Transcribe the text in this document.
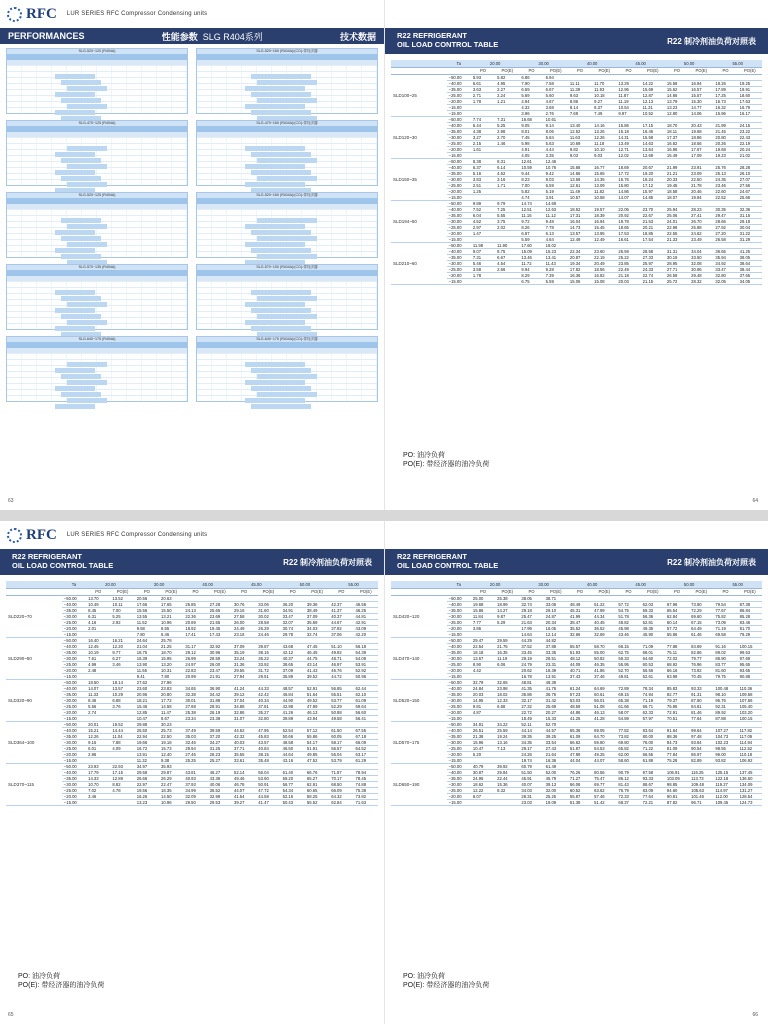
RFC LUR SERIES RFC Compressor Condensing units
PERFORMANCES	性能参数 SLG R404系列	技术数据
SLG-520~120 (R404A)	SLG-520~160 (R404A)/(CO)-带经济器
SLG-470~125 (R404A)	SLG-470~160 (R404A)/(CO)-带经济器
SLG-520~125 (R404A)	SLG-520~160 (R404A)/(CO)-带经济器
SLG-570~135 (R404A)	SLG-570~150 (R404A)/(CO)-带经济器
SLG-640~175 (R404A)	SLG-640~175 (R404A)/(CO)-带经济器
63
R22 REFRIGERANT
OIL LOAD CONTROL TABLE	R22 制冷剂油负荷对照表
	Ta	20.00		30.00		40.00		45.00		50.00		55.00	
		PO	PO(E)	PO	PO(E)	PO	PO(E)	PO	PO(E)	PO	PO(E)	PO	PO(E)
SLD100~25	−50.00	5.93	5.82	6.86	6.94								
	−40.00	6.61	4.95	7.90	7.58	11.11	11.70	13.29	14.22	15.58	16.94	18.26	19.25
	−35.00	3.63	2.27	6.59	6.67	11.39	11.93	12.95	15.69	15.62	16.57	17.89	19.91
	−25.00	2.71	2.24	5.69	5.60	9.63	10.18	11.87	12.87	14.66	15.57	17.25	18.60
	−20.00	1.78	1.21	4.94	4.67	8.86	9.27	11.19	12.13	13.79	15.30	16.73	17.63
	−15.00			4.32	3.68	8.14	8.37	10.54	11.31	13.23	14.77	16.32	16.79
	−15.00			3.96	2.76	7.69	7.49	9.97	10.52	12.80	14.06	15.96	16.17
SLD120~30	−50.00	7.74	7.31	16.68	10.61								
	−40.00	6.44	5.25	9.05	9.14	13.40	14.16	15.86	17.15	18.70	20.43	21.99	24.15
	−35.00	4.38	2.98	8.01	8.06	12.52	13.26	15.18	16.46	18.11	19.68	21.45	23.22
	−30.00	3.27	2.70	7.45	5.84	11.63	12.26	14.31	15.58	17.37	18.86	20.80	22.43
	−25.00	2.15	1.46	5.98	5.63	10.69	11.18	13.49	14.63	16.62	18.56	20.26	22.19
	−20.00	1.61		4.91	4.44	9.82	10.10	12.71	13.64	16.96	17.67	19.68	20.24
	−15.00			4.05	3.35	9.03	9.03	12.02	12.69	15.49	17.09	19.23	21.02
SLD150~35	−50.00	8.38	8.31	12.61	12.46								
	−40.00	6.37	6.14	10.59	10.76	15.68	16.77	18.69	20.67	21.99	23.91	25.76	28.28
	−35.00	5.16	4.62	9.44	9.42	14.66	15.65	17.72	19.20	21.21	23.09	25.13	26.10
	−30.00	3.83	3.16	8.23	8.03	13.59	14.35	16.76	18.24	20.33	22.50	24.35	27.07
	−25.00	2.51	1.71	7.00	6.59	12.61	13.09	15.80	17.12	19.45	21.78	23.46	27.56
	−20.00	1.25		5.82	5.19	11.49	11.82	14.86	15.97	18.58	20.46	22.60	24.67
	−15.00			4.74	3.91	10.57	10.58	14.07	14.85	18.07	19.94	22.52	25.66
SLD194~50	−50.00	9.89	9.79	14.74	14.69								
	−40.00	7.52	7.25	12.51	12.63	18.52	19.57	22.05	23.70	25.94	28.23	30.35	32.36
	−35.00	6.04	5.55	11.15	11.12	17.31	18.39	20.92	22.67	25.06	27.41	29.47	31.15
	−30.00	4.52	3.75	9.72	9.48	16.04	16.94	19.78	21.53	24.01	26.70	28.66	29.18
	−25.00	2.97	2.02	8.26	7.78	14.73	15.45	18.65	20.21	22.98	25.88	27.92	30.04
	−20.00	1.47		6.87	6.13	13.57	13.95	17.53	18.85	22.55	24.62	27.20	31.22
	−15.00			5.59	4.64	12.49	12.49	16.61	17.54	21.33	23.49	26.58	31.29
SLD210~60	−50.00	11.98	11.90	17.60	18.02								
	−40.00	9.07	8.75	15.09	15.23	22.34	23.60	26.59	28.58	31.31	34.04	36.65	41.25
	−35.00	7.31	6.67	13.46	13.41	20.87	22.19	25.22	27.33	30.19	33.50	35.94	38.05
	−30.00	5.46	4.54	11.72	11.43	19.34	20.49	23.85	25.97	28.95	32.08	34.92	38.64
	−25.00	3.58	2.66	9.94	9.28	17.82	18.56	22.49	24.33	27.71	30.96	33.47	38.44
	−20.00	1.78		8.29	7.39	16.36	16.82	21.18	22.74	26.59	29.48	32.80	37.65
	−15.00			6.75	5.59	15.06	15.08	20.03	21.15	25.72	28.32	32.05	34.05
PO: 油冷负荷
PO(E): 带经济器的油冷负荷
64
RFC LUR SERIES RFC Compressor Condensing units
R22 REFRIGERANT
OIL LOAD CONTROL TABLE	R22 制冷剂油负荷对照表
	Ta	20.00		30.00		40.00		45.00		50.00		55.00	
		PO	PO(E)	PO	PO(E)	PO	PO(E)	PO	PO(E)	PO	PO(E)	PO	PO(E)
SLD220~70	−50.00	13.70	13.52	20.56	20.63								
	−40.00	10.49	10.11	17.66	17.65	25.85	27.28	30.76	33.06	36.20	39.36	42.37	46.56
	−35.00	8.45	7.00	15.56	15.50	24.13	25.65	29.16	31.60	34.91	38.49	41.37	46.25
	−30.00	6.31	5.25	13.55	13.21	22.36	23.69	27.58	30.02	33.47	37.09	40.37	44.81
	−25.00	4.16	2.92	11.52	10.96	20.69	21.55	26.00	28.58	32.07	35.69	44.67	42.91
	−20.00	2.01		9.58	8.55	18.92	19.45	24.49	26.29	30.74	34.03	37.92	43.09
	−15.00			7.80	6.46	17.41	17.43	23.16	24.46	29.78	32.74	37.06	42.20
SLD290~80	−50.00	16.40	16.21	24.64	25.78								
	−40.00	12.45	12.20	21.04	21.25	31.17	32.92	37.09	39.87	43.68	47.45	51.10	56.18
	−35.00	10.19	9.77	18.75	18.70	29.12	30.96	35.19	38.15	42.12	46.45	49.92	54.39
	−30.00	7.61	6.27	16.39	15.95	26.99	28.59	33.24	36.22	40.37	44.75	48.71	54.08
	−25.00	4.99	3.46	13.90	13.20	24.97	26.00	31.36	33.92	38.65	43.14	46.97	53.91
	−20.00	2.48		11.55	10.31	22.83	23.47	29.55	31.72	37.09	41.43	46.76	52.92
	−15.00			9.41	7.80	20.99	21.91	27.94	29.51	35.89	39.52	44.72	50.96
SLD320~90	−50.00	18.50	18.14	27.62	27.96								
	−40.00	14.07	13.57	23.60	23.83	34.65	36.90	41.24	44.33	48.57	52.91	56.85	62.44
	−35.00	11.33	10.29	20.95	20.80	32.38	34.42	39.12	42.42	46.84	51.64	55.51	62.10
	−30.00	8.46	6.88	18.21	17.72	30.01	31.88	37.04	40.34	44.90	49.52	53.77	61.09
	−25.00	5.56	3.76	15.46	14.58	27.68	28.91	34.88	37.81	42.98	47.99	52.29	59.64
	−20.00	2.74		12.85	11.47	25.38	26.19	32.86	35.27	41.26	46.13	50.88	56.60
	−15.00			10.47	8.67	23.34	23.38	31.07	32.80	39.89	43.94	49.58	56.41
SLD364~100	−50.00	20.01	19.52	29.88	30.23								
	−40.00	15.21	14.44	25.50	25.73	37.49	39.59	44.62	47.95	52.54	57.12	61.50	67.55
	−35.00	12.26	11.04	22.94	22.50	35.03	37.20	42.32	45.83	50.66	55.86	60.05	67.18
	−30.00	9.15	7.88	19.66	19.18	32.46	34.27	40.03	43.57	48.58	54.17	58.17	66.09
	−25.00	6.01	4.09	16.72	15.73	29.94	31.25	37.71	40.84	46.50	51.91	56.57	64.52
	−20.00	2.96		13.91	12.40	27.46	28.23	35.55	38.15	44.64	49.85	55.04	63.17
	−15.00			11.32	9.38	25.25	25.27	33.61	35.48	43.16	47.52	53.79	61.29
SLD370~115	−50.00	23.93	22.93	34.97	35.93								
	−40.00	17.79	17.15	29.58	29.87	43.81	46.27	52.14	56.04	61.40	66.76	71.87	78.94
	−35.00	14.33	12.89	26.66	26.29	40.93	43.36	49.46	53.60	59.20	65.27	70.17	78.45
	−30.00	10.70	8.82	22.97	22.47	37.93	40.06	46.78	50.91	56.77	62.91	68.50	74.88
	−25.00	7.02	4.78	19.56	18.35	34.99	36.52	44.07	47.72	54.34	60.65	66.09	75.38
	−20.00	3.46		16.26	14.50	32.09	32.99	41.54	44.58	52.16	58.25	64.32	73.82
	−15.00			13.23	10.96	29.50	29.53	39.27	41.47	50.43	55.52	62.84	71.63
PO: 油冷负荷
PO(E): 带经济器的油冷负荷
65
R22 REFRIGERANT
OIL LOAD CONTROL TABLE	R22 制冷剂油负荷对照表
	Ta	20.00		30.00		40.00		45.00		50.00		55.00	
		PO	PO(E)	PO	PO(E)	PO	PO(E)	PO	PO(E)	PO	PO(E)	PO	PO(E)
SLD420~120	−50.00	25.00	25.38	38.05	38.71								
	−40.00	19.68	18.99	32.74	33.06	48.49	51.22	57.72	62.03	67.96	73.90	79.54	87.38
	−35.00	15.86	14.27	29.18	29.10	45.31	47.99	54.75	59.33	65.54	72.29	77.67	86.84
	−30.00	11.84	9.87	25.47	24.87	41.99	44.34	51.78	56.36	62.84	69.60	75.82	85.28
	−25.00	7.77	5.29	21.63	20.34	38.47	40.45	48.82	52.81	60.14	67.15	73.09	83.46
	−20.00	3.86		17.99	16.05	35.52	36.52	45.98	49.35	57.72	64.49	71.19	81.70
	−15.00			14.64	12.14	32.66	32.69	43.46	45.90	55.86	61.46	69.58	79.29
SLD470~140	−50.00	29.47	29.59	44.29	44.82								
	−40.00	22.54	21.75	37.52	37.88	55.57	58.70	66.15	71.09	77.88	84.69	91.16	100.15
	−35.00	18.18	16.35	33.45	33.35	51.93	55.00	62.75	68.01	75.11	82.86	89.02	99.53
	−30.00	13.57	11.19	29.19	28.51	48.12	50.82	59.33	64.60	72.02	79.77	86.90	97.69
	−25.00	8.90	6.06	24.79	23.31	44.09	46.35	55.95	60.53	68.92	76.96	83.77	95.65
	−20.00	4.42		20.62	18.39	40.71	41.86	52.70	56.56	66.16	73.92	81.60	93.65
	−15.00			16.78	13.91	37.43	37.46	49.81	52.61	63.98	70.45	79.75	90.88
SLD520~150	−50.00	32.79	32.65	48.81	49.39								
	−40.00	24.84	23.98	41.35	41.76	61.24	64.69	72.89	78.34	85.83	93.33	100.48	110.36
	−35.00	20.03	18.02	36.86	36.76	57.23	60.61	69.15	74.94	82.77	91.31	98.10	109.68
	−30.00	14.95	12.33	32.17	31.42	53.03	56.01	65.38	71.19	79.37	87.90	95.76	107.66
	−25.00	9.81	6.68	27.32	25.69	48.59	51.08	61.66	66.71	75.95	84.81	92.31	105.40
	−20.00	4.87		22.72	20.27	44.86	46.13	58.07	62.33	72.91	81.46	89.92	103.20
	−15.00			18.49	15.33	41.25	41.28	54.89	57.97	70.51	77.64	87.88	100.15
SLD570~175	−50.00	34.91	34.22	52.11	52.70								
	−40.00	26.51	25.59	44.14	44.57	65.36	69.05	77.82	83.64	91.64	99.64	107.27	117.82
	−35.00	21.38	19.24	39.35	39.25	61.09	64.70	73.82	80.00	88.36	97.48	104.73	117.09
	−30.00	15.96	13.16	34.35	33.54	56.62	59.80	69.80	76.00	84.73	93.84	102.23	114.94
	−25.00	10.47	7.13	29.17	27.43	51.87	54.53	65.82	71.22	81.09	90.54	98.55	112.52
	−20.00	5.20		24.26	21.64	47.89	49.25	62.00	66.55	77.84	86.97	96.00	110.18
	−15.00			19.74	16.36	44.04	44.07	58.60	61.89	75.28	82.89	93.82	106.92
SLD650~190	−50.00	40.79	39.92	60.79	61.49								
	−40.00	30.87	29.84	51.50	52.00	76.26	80.56	90.79	97.58	106.91	116.25	125.15	137.45
	−35.00	24.95	22.44	45.91	45.79	71.27	75.47	86.12	93.33	103.09	113.73	122.18	136.60
	−30.00	18.62	15.36	40.07	39.13	66.06	69.77	81.43	88.67	98.85	109.48	119.27	134.09
	−25.00	12.22	8.32	34.03	32.00	60.52	63.62	76.79	83.09	94.60	105.63	114.97	131.27
	−20.00	6.07		28.31	25.25	55.87	57.46	72.33	77.64	90.81	101.46	112.00	128.54
	−15.00			23.03	19.09	51.38	51.42	68.37	72.21	87.82	96.71	109.45	124.73
PO: 油冷负荷
PO(E): 带经济器的油冷负荷
66
